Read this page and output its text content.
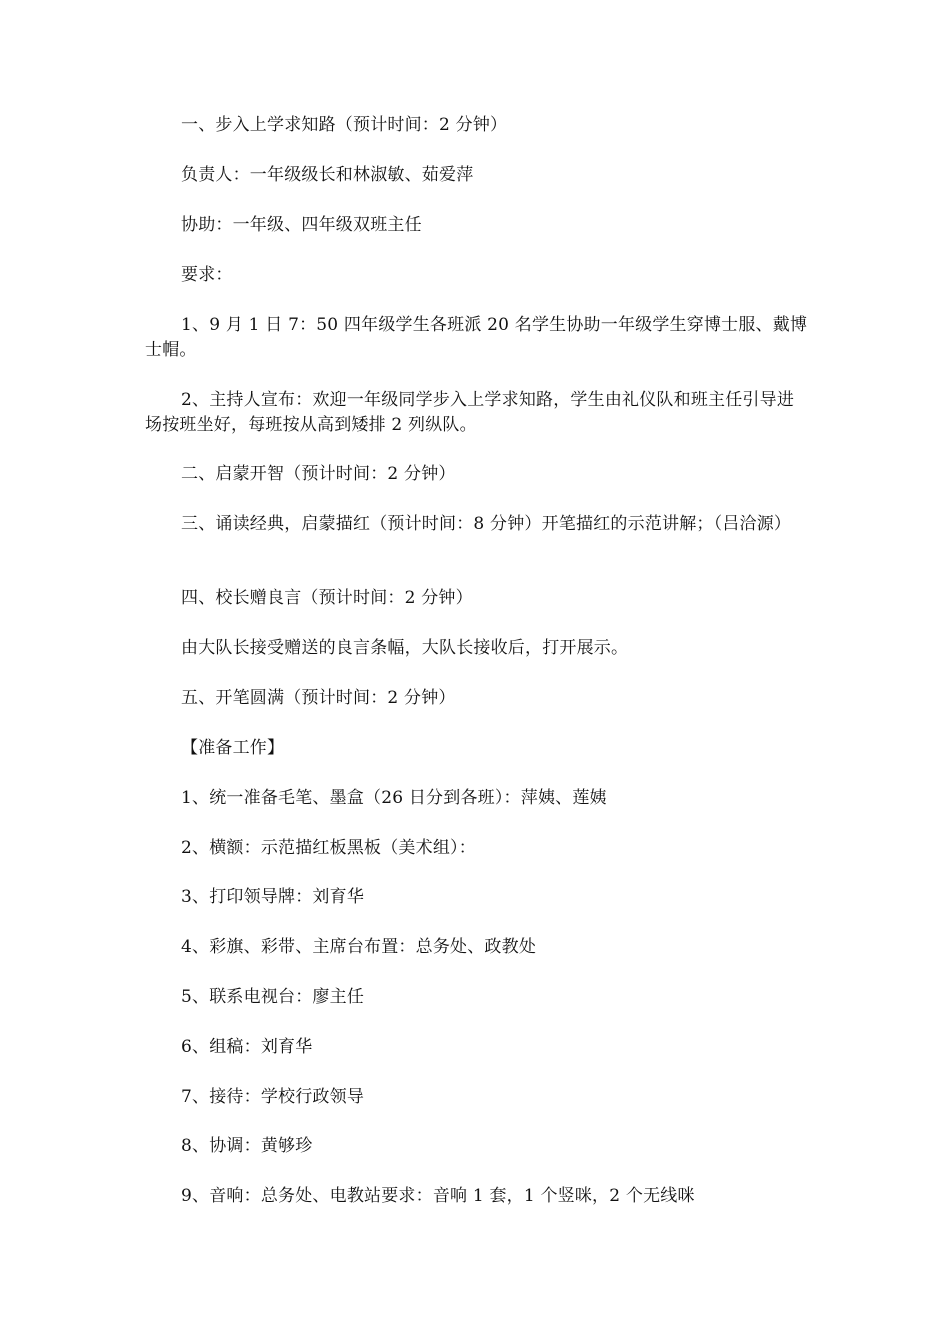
一、步入上学求知路（预计时间：2 分钟）

负责人：一年级级长和林淑敏、茹爱萍

协助：一年级、四年级双班主任

要求：

1、9 月 1 日 7：50 四年级学生各班派 20 名学生协助一年级学生穿博士服、戴博士帽。

2、主持人宣布：欢迎一年级同学步入上学求知路，学生由礼仪队和班主任引导进场按班坐好，每班按从高到矮排 2 列纵队。

二、启蒙开智（预计时间：2 分钟）

三、诵读经典，启蒙描红（预计时间：8 分钟）开笔描红的示范讲解；（吕洽源）

四、校长赠良言（预计时间：2 分钟）

由大队长接受赠送的良言条幅，大队长接收后，打开展示。

五、开笔圆满（预计时间：2 分钟）

【准备工作】

1、统一准备毛笔、墨盒（26 日分到各班）：萍姨、莲姨

2、横额：示范描红板黑板（美术组）：

3、打印领导牌：刘育华

4、彩旗、彩带、主席台布置：总务处、政教处

5、联系电视台：廖主任

6、组稿：刘育华

7、接待：学校行政领导

8、协调：黄够珍

9、音响：总务处、电教站要求：音响 1 套，1 个竖咪，2 个无线咪
